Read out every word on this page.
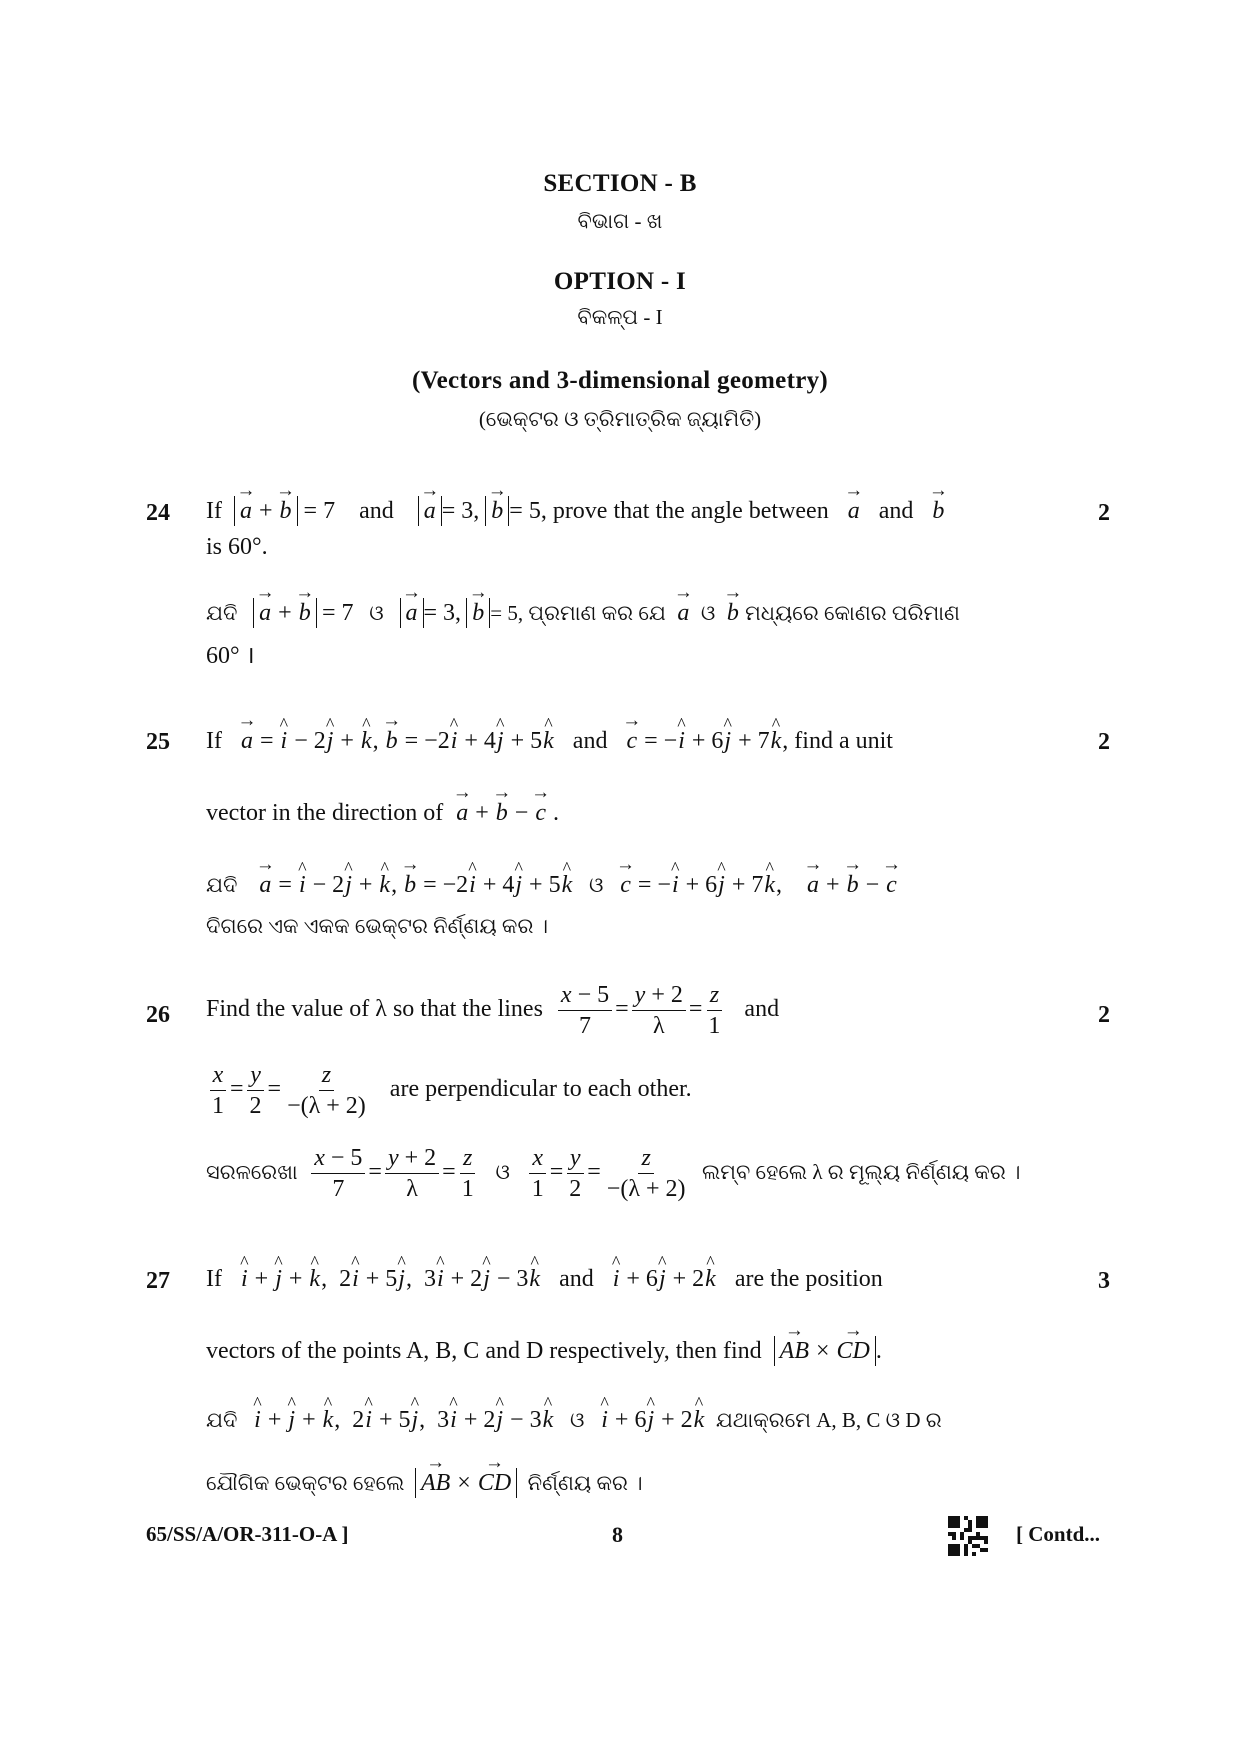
SECTION - B
ବିଭାଗ - ଖ
OPTION - I
ବିକଳ୍ପ - I
(Vectors and 3-dimensional geometry)
(ଭେକ୍ଟର ଓ ତ୍ରିମାତ୍ରିକ ଜ୍ୟାମିତି)
24	2
If → a + → b = 7 and → a = 3, → b = 5, prove that the angle between → a and → b
is 60°.
ଯଦି → a + → b = 7 ଓ → a = 3, → b = 5, ପ୍ରମାଣ କର ଯେ → a ଓ → b ମଧ୍ୟରେ କୋଣର ପରିମାଣ
60° ।
25	2
If → a = ^ i − 2^ j + ^ k, → b = −2^ i + 4^ j + 5^ k and → c = −^ i + 6^ j + 7^ k, find a unit
vector in the direction of → a + → b − → c .
ଯଦି → a = ^ i − 2^ j + ^ k, → b = −2^ i + 4^ j + 5^ k ଓ → c = −^ i + 6^ j + 7^ k,    → a + → b − → c
ଦିଗରେ ଏକ ଏକକ ଭେକ୍ଟର ନିର୍ଣ୍ଣୟ କର ।
26	2
Find the value of λ so that the lines $\frac{x - 5}{7} = \frac{y + 2}{\lambda} = \frac{z}{1}$ and
$\frac{x}{1} = \frac{y}{2} = \frac{z}{-(\lambda + 2)}$ are perpendicular to each other.
ସରଳରେଖା $\frac{x - 5}{7} = \frac{y + 2}{\lambda} = \frac{z}{1}$ ଓ $\frac{x}{1} = \frac{y}{2} = \frac{z}{-(\lambda + 2)}$ ଲମ୍ବ ହେଲେ λ ର ମୂଲ୍ୟ ନିର୍ଣ୍ଣୟ କର ।
27	3
If ^ i + ^ j + ^ k,  2^ i + 5^ j,  3^ i + 2^ j − 3^ k and ^ i + 6^ j + 2^ k are the position
vectors of the points A, B, C and D respectively, then find → AB × → CD .
ଯଦି ^ i + ^ j + ^ k,  2^ i + 5^ j,  3^ i + 2^ j − 3^ k ଓ ^ i + 6^ j + 2^ k ଯଥାକ୍ରମେ A, B, C ଓ D ର
ଯୌଗିକ ଭେକ୍ଟର ହେଲେ → AB × → CD ନିର୍ଣ୍ଣୟ କର ।
65/SS/A/OR-311-O-A ]	8	[ Contd...
